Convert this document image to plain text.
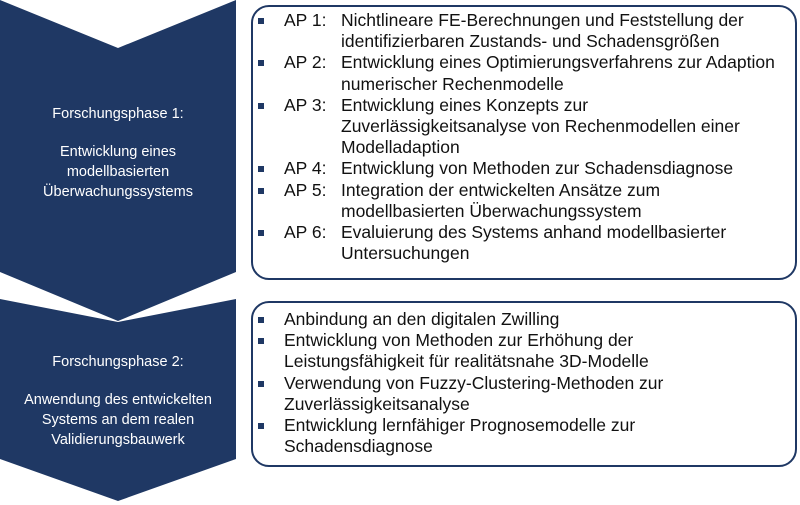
Forschungsphase 1:

Entwicklung eines

modellbasierten

Überwachungssystems

Forschungsphase 2:

Anwendung des entwickelten

Systems an dem realen

Validierungsbauwerk

AP 1: Nichtlineare FE-Berechnungen und Feststellung der identifizierbaren Zustands- und Schadensgrößen
AP 2: Entwicklung eines Optimierungsverfahrens zur Adaption numerischer Rechenmodelle
AP 3: Entwicklung eines Konzepts zur Zuverlässigkeitsanalyse von Rechenmodellen einer Modelladaption
AP 4: Entwicklung von Methoden zur Schadensdiagnose
AP 5: Integration der entwickelten Ansätze zum modellbasierten Überwachungssystem
AP 6: Evaluierung des Systems anhand modellbasierter Untersuchungen
Anbindung an den digitalen Zwilling
Entwicklung von Methoden zur Erhöhung der Leistungsfähigkeit für realitätsnahe 3D-Modelle
Verwendung von Fuzzy-Clustering-Methoden zur Zuverlässigkeitsanalyse
Entwicklung lernfähiger Prognosemodelle zur Schadensdiagnose
